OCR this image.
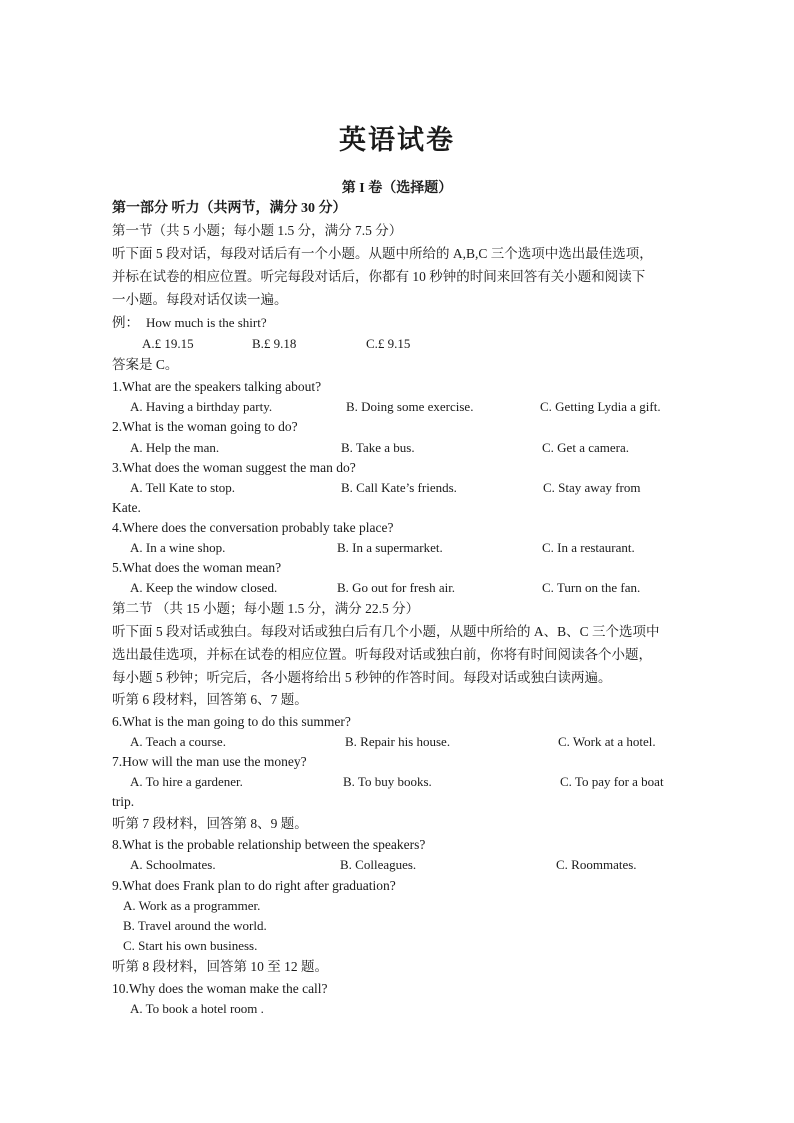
英语试卷
第 I 卷（选择题）
第一部分 听力（共两节，满分 30 分）
第一节（共 5 小题；每小题 1.5 分，满分 7.5 分）
听下面 5 段对话，每段对话后有一个小题。从题中所给的 A,B,C 三个选项中选出最佳选项，
并标在试卷的相应位置。听完每段对话后，你都有 10 秒钟的时间来回答有关小题和阅读下
一小题。每段对话仅读一遍。
例： How much is the shirt?
A.£ 19.15	B.£ 9.18	C.£ 9.15
答案是 C。
1.What are the speakers talking about?
A. Having a birthday party.	B. Doing some exercise.	C. Getting Lydia a gift.
2.What is the woman going to do?
A. Help the man.	B. Take a bus.	C. Get a camera.
3.What does the woman suggest the man do?
A. Tell Kate to stop.	B. Call Kate’s friends.	C. Stay away from
Kate.
4.Where does the conversation probably take place?
A. In a wine shop.	B. In a supermarket.	C. In a restaurant.
5.What does the woman mean?
A. Keep the window closed.	B. Go out for fresh air.	C. Turn on the fan.
第二节 （共 15 小题；每小题 1.5 分，满分 22.5 分）
听下面 5 段对话或独白。每段对话或独白后有几个小题，从题中所给的 A、B、C 三个选项中
选出最佳选项，并标在试卷的相应位置。听每段对话或独白前，你将有时间阅读各个小题，
每小题 5 秒钟；听完后，各小题将给出 5 秒钟的作答时间。每段对话或独白读两遍。
听第 6 段材料，回答第 6、7 题。
6.What is the man going to do this summer?
A. Teach a course.	B. Repair his house.	C. Work at a hotel.
7.How will the man use the money?
A. To hire a gardener.	B. To buy books.	C. To pay for a boat
trip.
听第 7 段材料，回答第 8、9 题。
8.What is the probable relationship between the speakers?
A. Schoolmates.	B. Colleagues.	C. Roommates.
9.What does Frank plan to do right after graduation?
A. Work as a programmer.
B. Travel around the world.
C. Start his own business.
听第 8 段材料，回答第 10 至 12 题。
10.Why does the woman make the call?
A. To book a hotel room .
